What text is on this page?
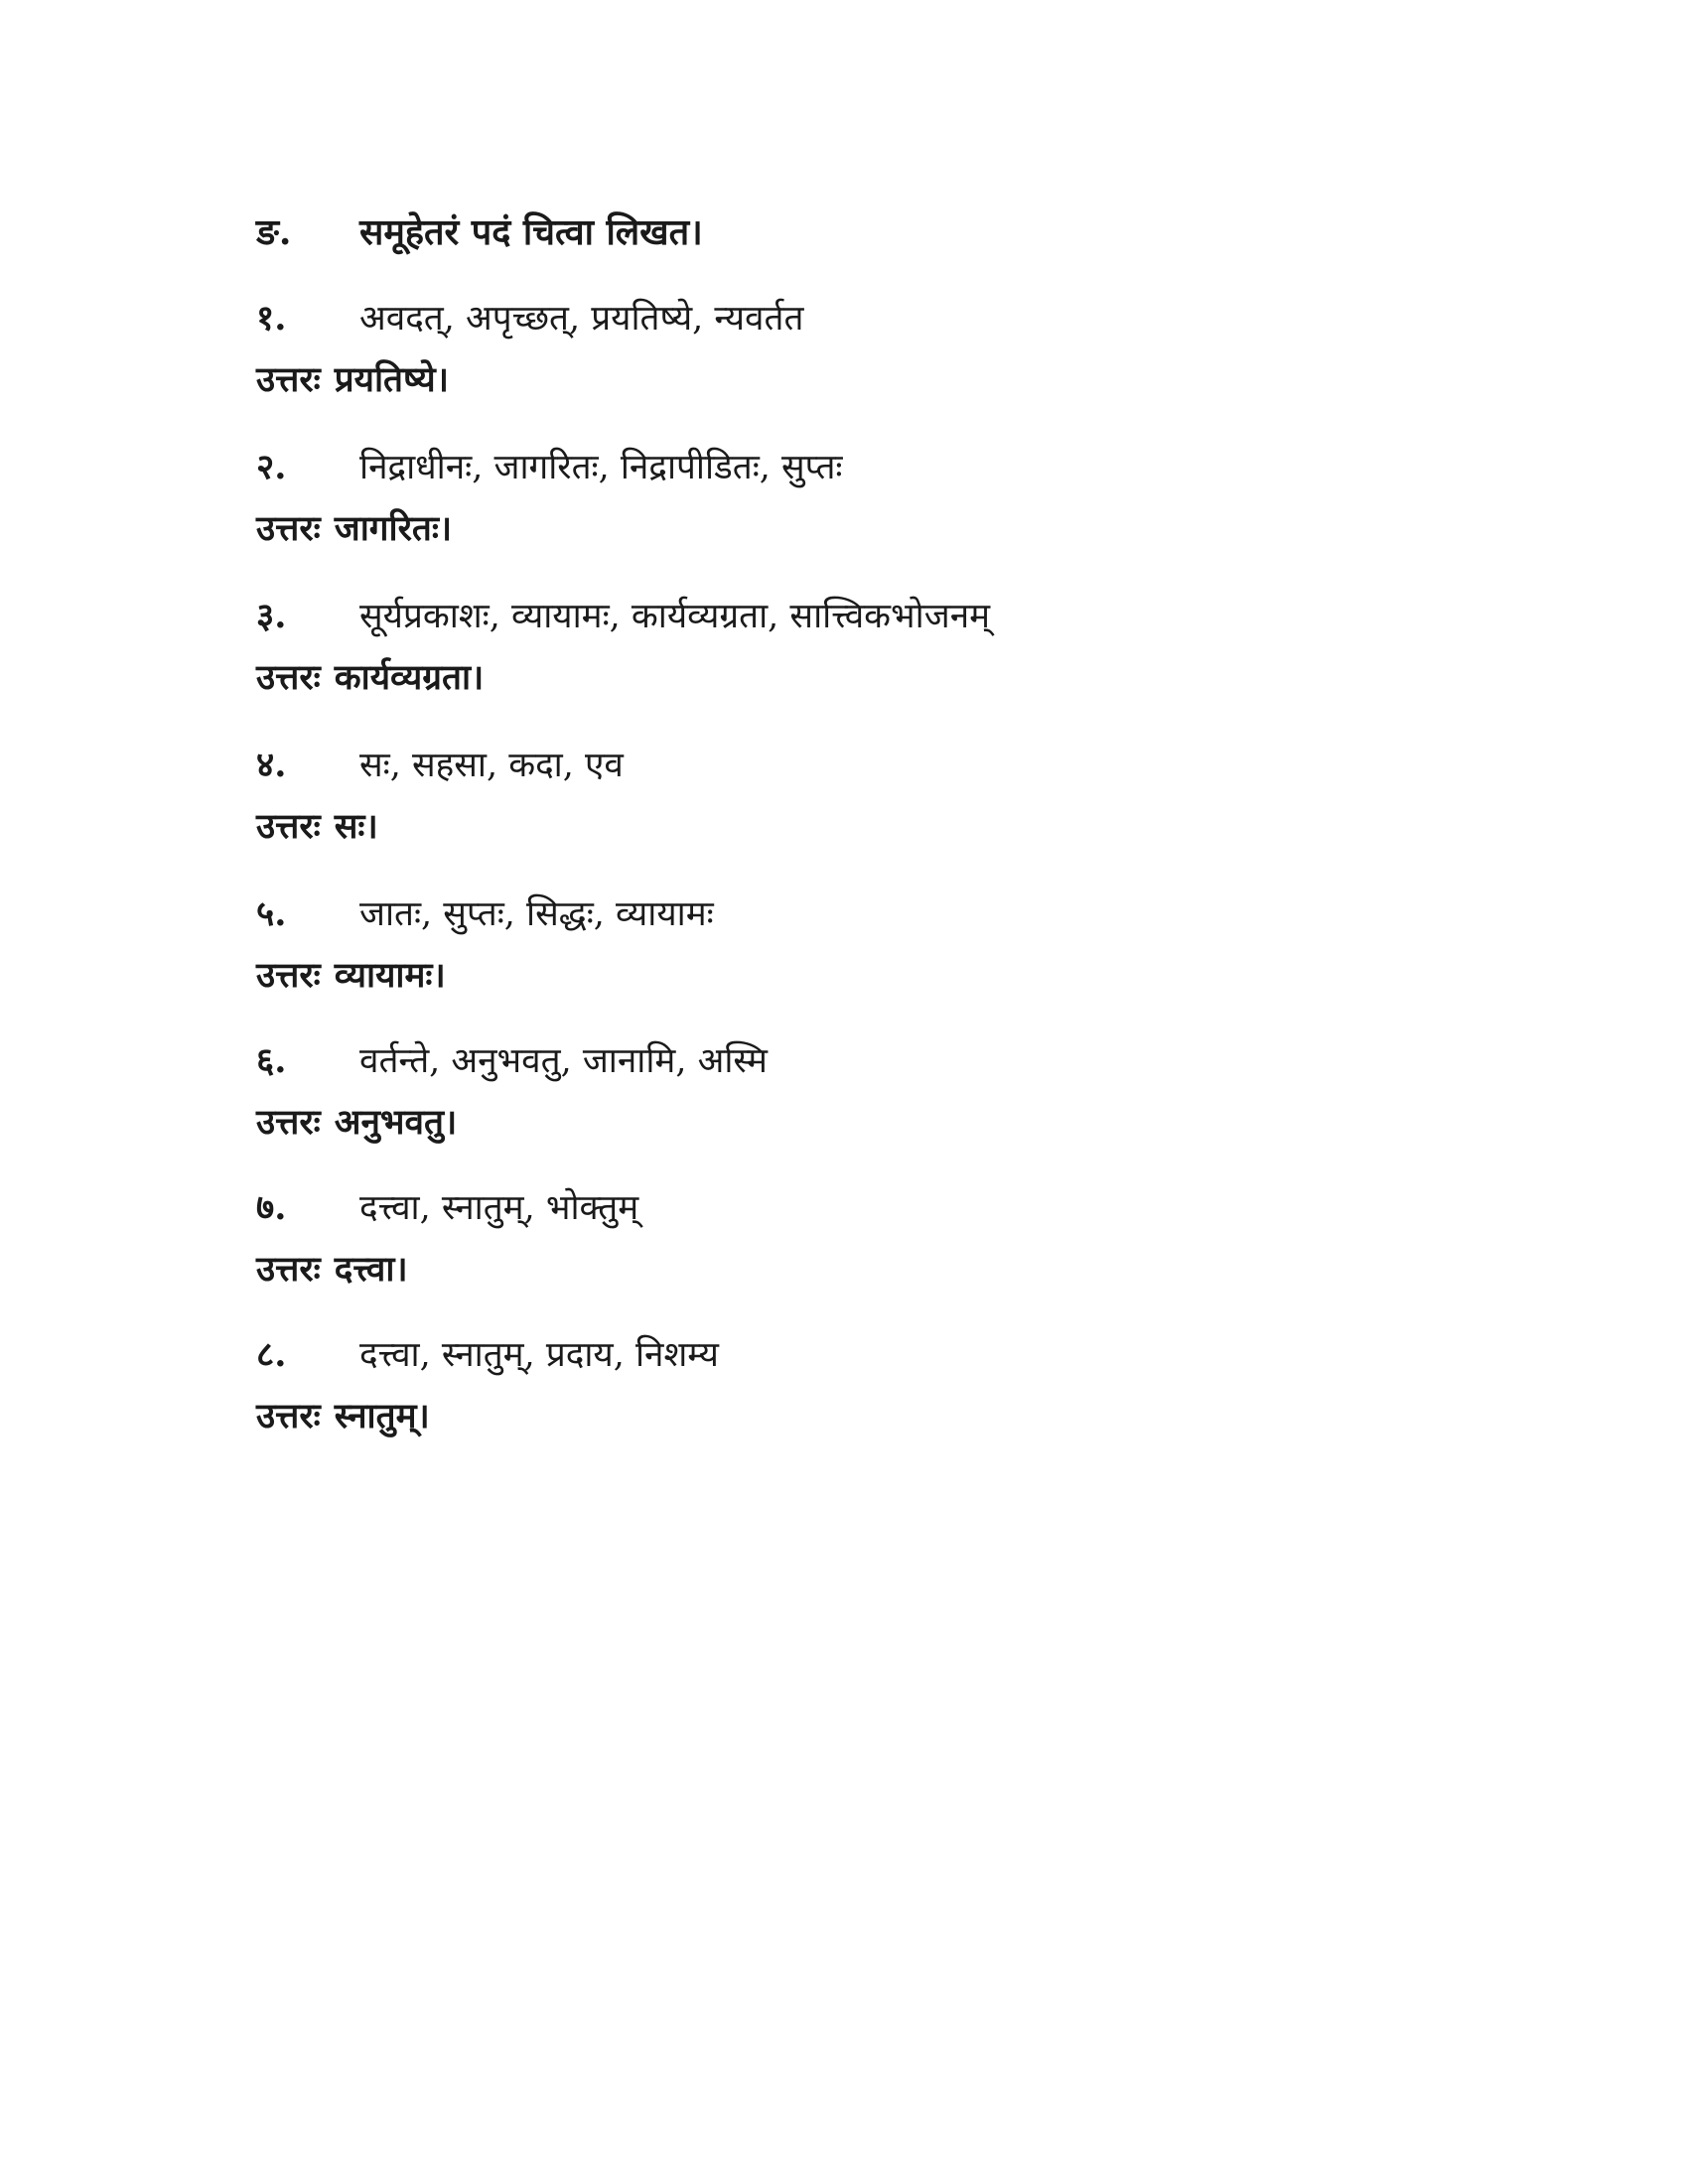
ङ. समूहेतरं पदं चित्वा लिखत।
१. अवदत्, अपृच्छत्, प्रयतिष्ये, न्यवर्तत
उत्तरः प्रयतिष्ये।
२. निद्राधीनः, जागरितः, निद्रापीडितः, सुप्तः
उत्तरः जागरितः।
३. सूर्यप्रकाशः, व्यायामः, कार्यव्यग्रता, सात्त्विकभोजनम्
उत्तरः कार्यव्यग्रता।
४. सः, सहसा, कदा, एव
उत्तरः सः।
५. जातः, सुप्तः, सिद्धः, व्यायामः
उत्तरः व्यायामः।
६. वर्तन्ते, अनुभवतु, जानामि, अस्मि
उत्तरः अनुभवतु।
७. दत्त्वा, स्नातुम्, भोक्तुम्
उत्तरः दत्त्वा।
८. दत्त्वा, स्नातुम्, प्रदाय, निशम्य
उत्तरः स्नातुम्।
